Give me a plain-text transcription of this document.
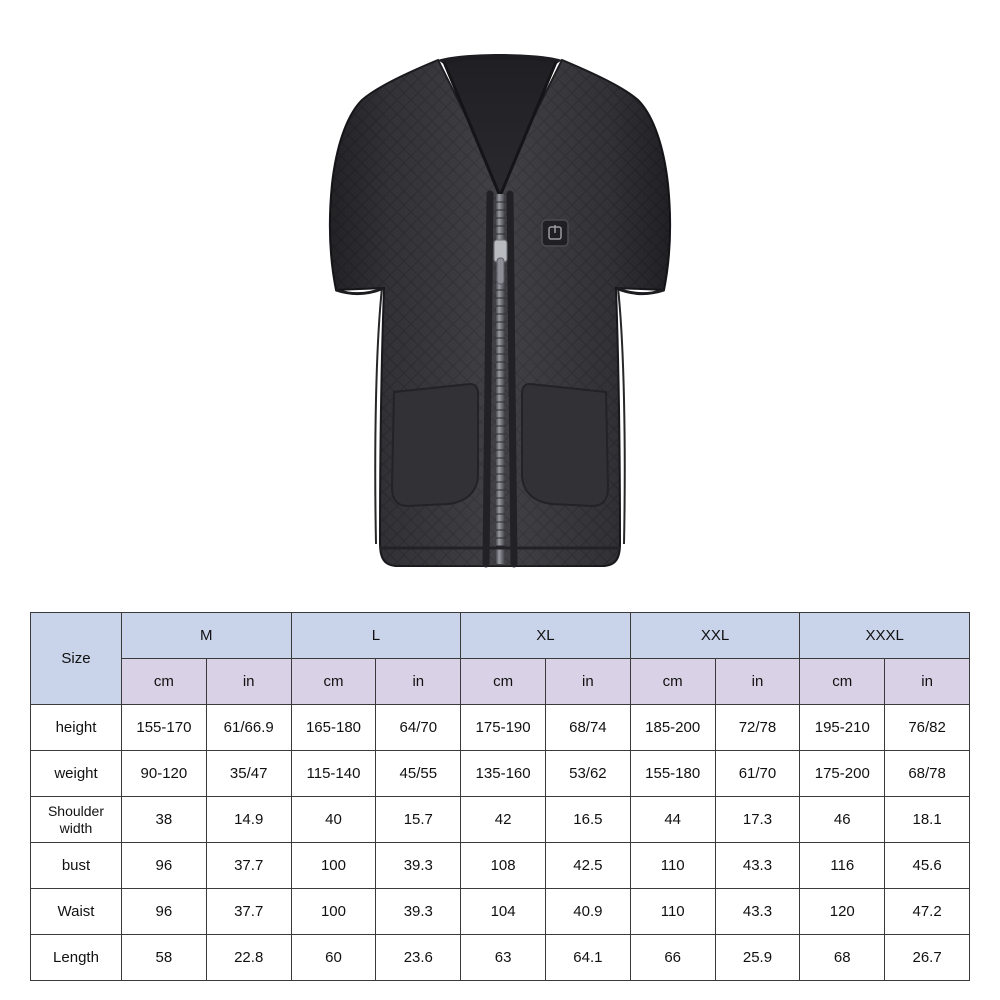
Size	M		L		XL		XXL		XXXL	
	cm	in	cm	in	cm	in	cm	in	cm	in
height	155-170	61/66.9	165-180	64/70	175-190	68/74	185-200	72/78	195-210	76/82
weight	90-120	35/47	115-140	45/55	135-160	53/62	155-180	61/70	175-200	68/78
Shoulder width	38	14.9	40	15.7	42	16.5	44	17.3	46	18.1
bust	96	37.7	100	39.3	108	42.5	110	43.3	116	45.6
Waist	96	37.7	100	39.3	104	40.9	110	43.3	120	47.2
Length	58	22.8	60	23.6	63	64.1	66	25.9	68	26.7
